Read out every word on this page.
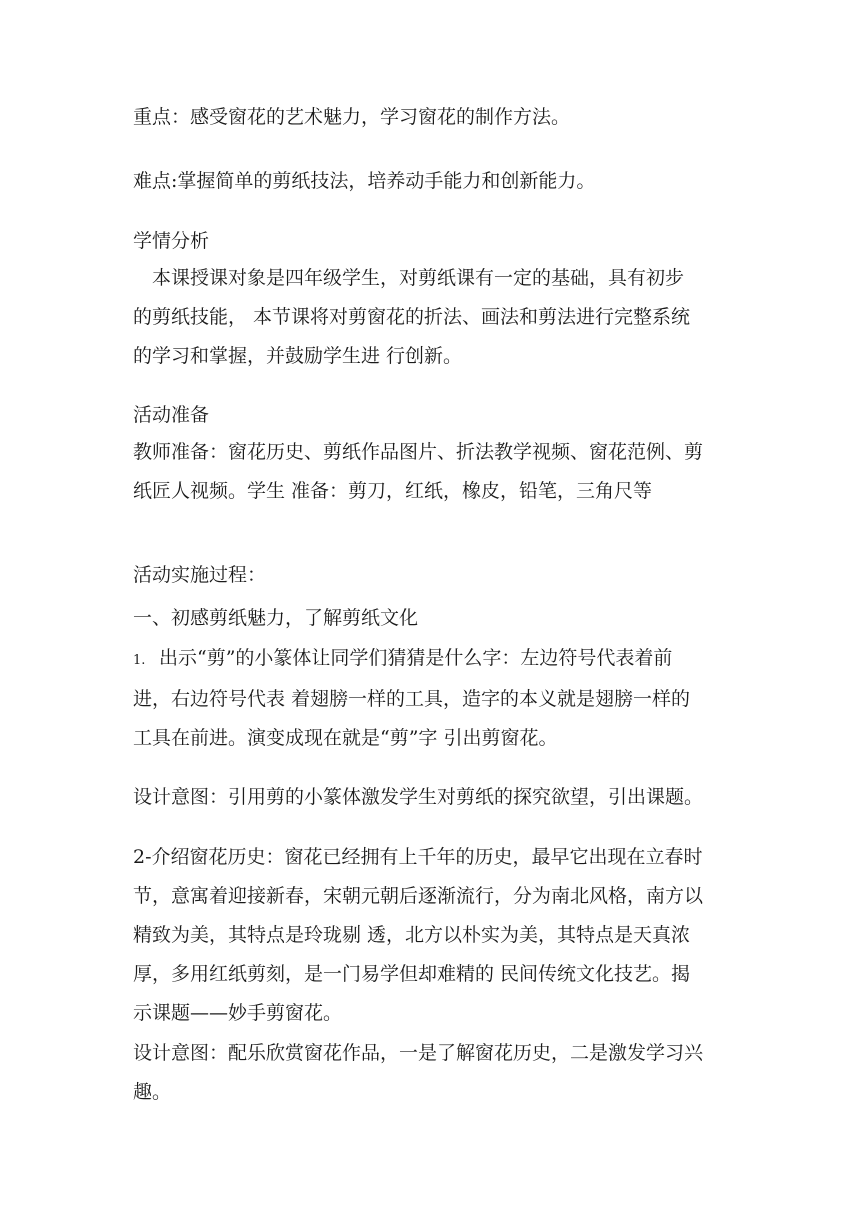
重点：感受窗花的艺术魅力，学习窗花的制作方法。

难点:掌握简单的剪纸技法，培养动手能力和创新能力。

学情分析

本课授课对象是四年级学生，对剪纸课有一定的基础，具有初步
的剪纸技能， 本节课将对剪窗花的折法、画法和剪法进行完整系统
的学习和掌握，并鼓励学生进 行创新。

活动准备

教师准备：窗花历史、剪纸作品图片、折法教学视频、窗花范例、剪
纸匠人视频。学生 准备：剪刀，红纸，橡皮，铅笔，三角尺等

活动实施过程：

一、初感剪纸魅力，了解剪纸文化

1. 出示“剪”的小篆体让同学们猜猜是什么字：左边符号代表着前
进，右边符号代表 着翅膀一样的工具，造字的本义就是翅膀一样的
工具在前进。演变成现在就是“剪”字 引出剪窗花。

设计意图：引用剪的小篆体激发学生对剪纸的探究欲望，引出课题。

2-介绍窗花历史：窗花已经拥有上千年的历史，最早它出现在立春时
节，意寓着迎接新春，宋朝元朝后逐渐流行，分为南北风格，南方以
精致为美，其特点是玲珑剔 透，北方以朴实为美，其特点是天真浓
厚，多用红纸剪刻，是一门易学但却难精的 民间传统文化技艺。揭
示课题——妙手剪窗花。

设计意图：配乐欣赏窗花作品，一是了解窗花历史，二是激发学习兴
趣。
